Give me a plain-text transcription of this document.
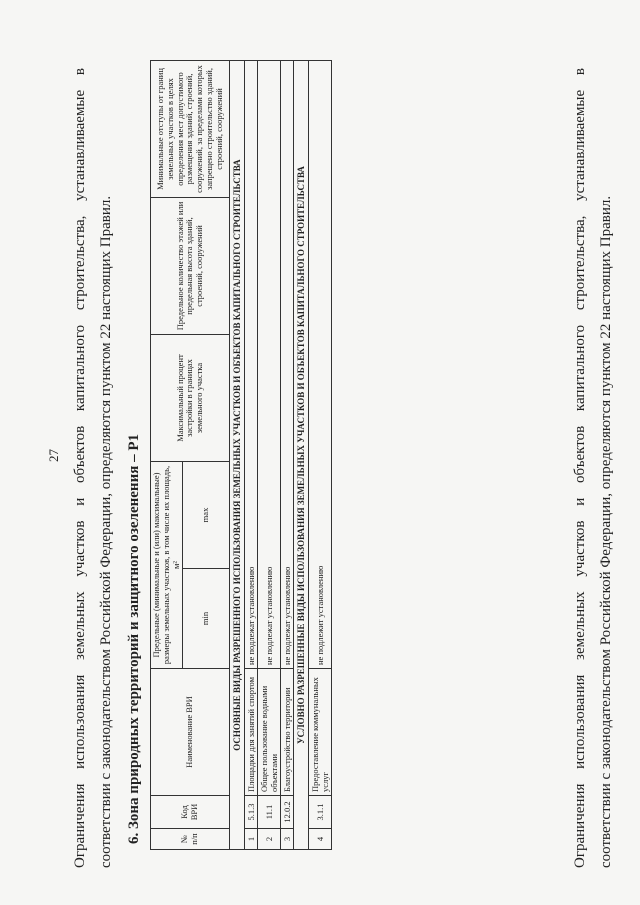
27 Ограничения использования земельных участков и объектов капитального строительства, устанавливаемые в соответствии с законодательством Российской Федерации, определяются пунктом 22 настоящих Правил. 6. Зона природных территорий и защитного озеленения – Р1	№ п/п	Код ВРИ	Наименование ВРИ	Предельные (минимальные и (или) максимальные) размеры земельных участков, в том числе их площадь, м²		Максимальный процент застройки в границах земельного участка	Предельное количество этажей или предельная высота зданий, строений, сооружений	Минимальные отступы от границ земельных участков в целях определения мест допустимого размещения зданий, строений, сооружений, за пределами которых запрещено строительство зданий, строений, сооружений
			min	max			
ОСНОВНЫЕ ВИДЫ РАЗРЕШЕННОГО ИСПОЛЬЗОВАНИЯ ЗЕМЕЛЬНЫХ УЧАСТКОВ И ОБЪЕКТОВ КАПИТАЛЬНОГО СТРОИТЕЛЬСТВА							
1	5.1.3	Площадки для занятий спортом	не подлежат установлению				
2	11.1	Общее пользование водными объектами	не подлежат установлению				
3	12.0.2	Благоустройство территории	не подлежат установлению				
УСЛОВНО РАЗРЕШЕННЫЕ ВИДЫ ИСПОЛЬЗОВАНИЯ ЗЕМЕЛЬНЫХ УЧАСТКОВ И ОБЪЕКТОВ КАПИТАЛЬНОГО СТРОИТЕЛЬСТВА							
4	3.1.1	Предоставление коммунальных услуг	не подлежит установлению					Ограничения использования земельных участков и объектов капитального строительства, устанавливаемые в соответствии с законодательством Российской Федерации, определяются пунктом 22 настоящих Правил.
